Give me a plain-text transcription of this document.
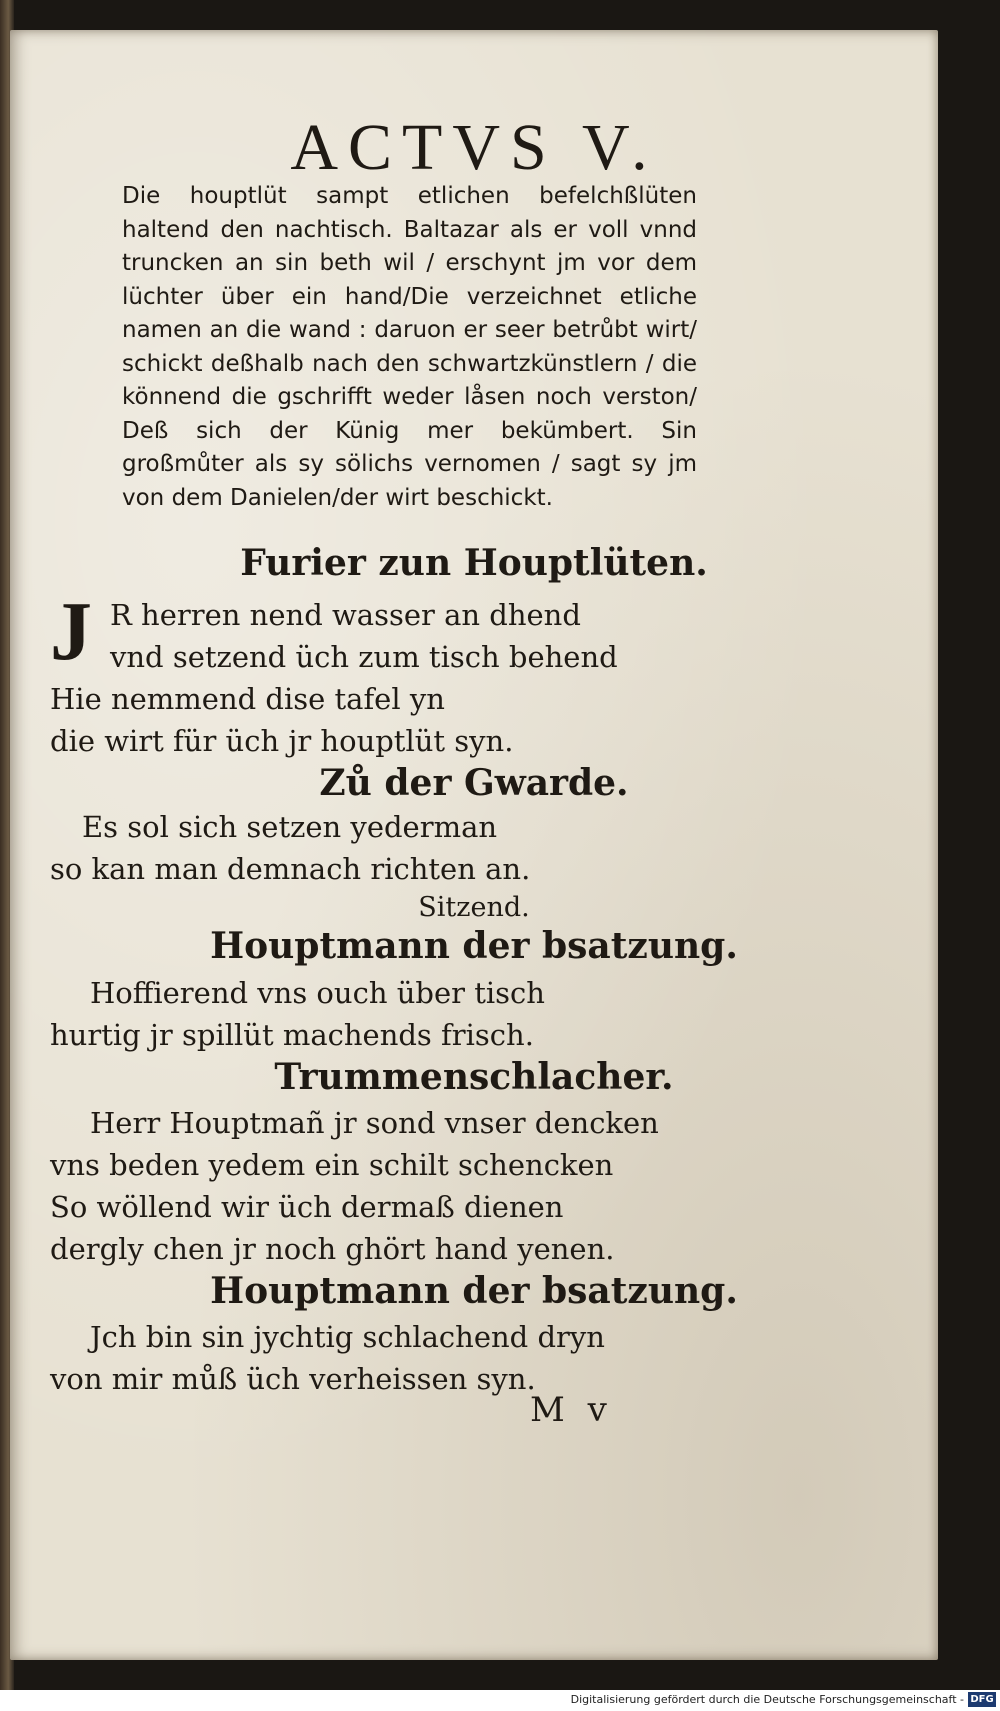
ACTVS V.
Die houptlüt sampt etlichen befelchßlüten haltend den nachtisch. Baltazar als er voll vnnd truncken an sin beth wil / erschynt jm vor dem lüchter über ein hand/Die verzeichnet etliche namen an die wand : daruon er seer betrůbt wirt/ schickt deßhalb nach den schwartzkünstlern / die könnend die gschrifft weder låsen noch verston/ Deß sich der Künig mer bekümbert. Sin großmůter als sy sölichs vernomen / sagt sy jm von dem Danielen/der wirt beschickt.
Furier zun Houptlüten.
J R herren nend wasser an dhend
vnd setzend üch zum tisch behend
Hie nemmend dise tafel yn
die wirt für üch jr houptlüt syn.
Zů der Gwarde.
Es sol sich setzen yederman
so kan man demnach richten an.
Sitzend.
Houptmann der bsatzung.
Hoffierend vns ouch über tisch
hurtig jr spillüt machends frisch.
Trummenschlacher.
Herr Houptmañ jr sond vnser dencken
vns beden yedem ein schilt schencken
So wöllend wir üch dermaß dienen
dergly chen jr noch ghört hand yenen.
Houptmann der bsatzung.
Jch bin sin jychtig schlachend dryn
von mir můß üch verheissen syn.
M v
Digitalisierung gefördert durch die Deutsche Forschungsgemeinschaft - DFG
